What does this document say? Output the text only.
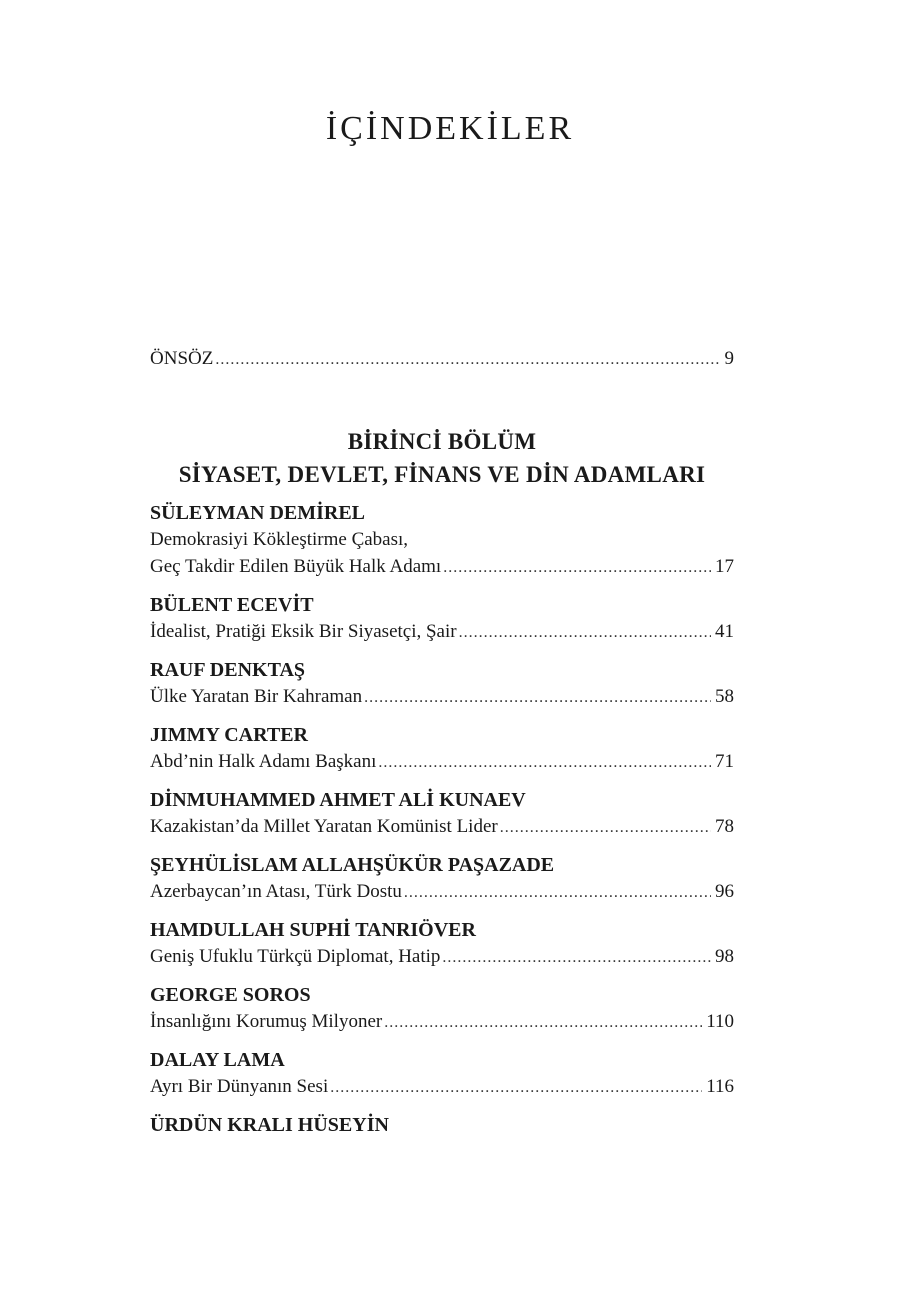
İÇİNDEKİLER
ÖNSÖZ .....	9
BİRİNCİ BÖLÜM
SİYASET, DEVLET, FİNANS VE DİN ADAMLARI
SÜLEYMAN DEMİREL
Demokrasiyi Kökleştirme Çabası,
Geç Takdir Edilen Büyük Halk Adamı .....	17
BÜLENT ECEVİT
İdealist, Pratiği Eksik Bir Siyasetçi, Şair .....	41
RAUF DENKTAŞ
Ülke Yaratan Bir Kahraman .....	58
JIMMY CARTER
Abd’nin Halk Adamı Başkanı .....	71
DİNMUHAMMED AHMET ALİ KUNAEV
Kazakistan’da Millet Yaratan Komünist Lider .....	78
ŞEYHÜLİSLAM ALLAHŞÜKÜR PAŞAZADE
Azerbaycan’ın Atası, Türk Dostu .....	96
HAMDULLAH SUPHİ TANRIÖVER
Geniş Ufuklu Türkçü Diplomat, Hatip .....	98
GEORGE SOROS
İnsanlığını Korumuş Milyoner .....	110
DALAY LAMA
Ayrı Bir Dünyanın Sesi .....	116
ÜRDÜN KRALI HÜSEYİN
